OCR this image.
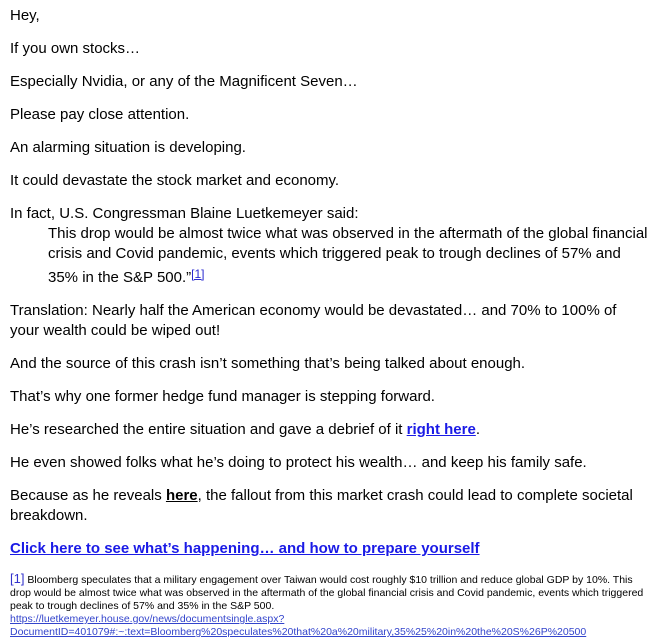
Hey,

If you own stocks…

Especially Nvidia, or any of the Magnificent Seven…

Please pay close attention.

An alarming situation is developing.

It could devastate the stock market and economy.

In fact, U.S. Congressman Blaine Luetkemeyer said:
This drop would be almost twice what was observed in the aftermath of the global financial crisis and Covid pandemic, events which triggered peak to trough declines of 57% and 35% in the S&P 500.”[1]

Translation: Nearly half the American economy would be devastated… and 70% to 100% of your wealth could be wiped out!

And the source of this crash isn’t something that’s being talked about enough.

That’s why one former hedge fund manager is stepping forward.

He’s researched the entire situation and gave a debrief of it right here.

He even showed folks what he’s doing to protect his wealth… and keep his family safe.

Because as he reveals here, the fallout from this market crash could lead to complete societal breakdown.

Click here to see what’s happening… and how to prepare yourself

[1] Bloomberg speculates that a military engagement over Taiwan would cost roughly $10 trillion and reduce global GDP by 10%. This drop would be almost twice what was observed in the aftermath of the global financial crisis and Covid pandemic, events which triggered peak to trough declines of 57% and 35% in the S&P 500.
https://luetkemeyer.house.gov/news/documentsingle.aspx?
DocumentID=401079#:~:text=Bloomberg%20speculates%20that%20a%20military,35%25%20in%20the%20S%26P%20500
